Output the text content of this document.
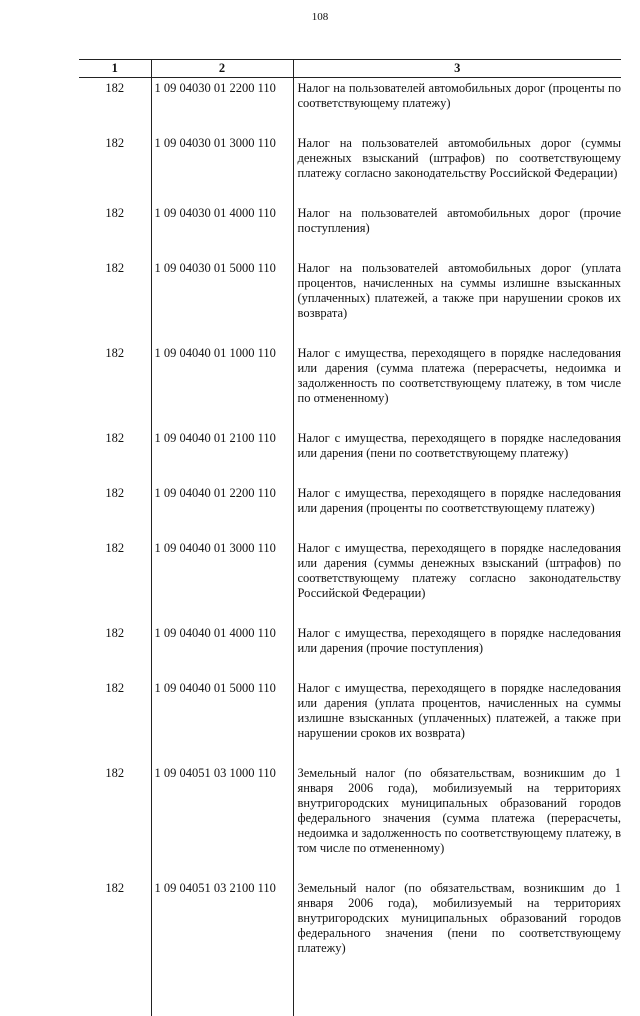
108
1	2	3
182	1 09 04030 01 2200 110	Налог на пользователей автомобильных дорог (проценты по соответствующему платежу)

182	1 09 04030 01 3000 110	Налог на пользователей автомобильных дорог (суммы денежных взысканий (штрафов) по соответствующему платежу согласно законодательству Российской Федерации)

182	1 09 04030 01 4000 110	Налог на пользователей автомобильных дорог (прочие поступления)

182	1 09 04030 01 5000 110	Налог на пользователей автомобильных дорог (уплата процентов, начисленных на суммы излишне взысканных (уплаченных) платежей, а также при нарушении сроков их возврата)

182	1 09 04040 01 1000 110	Налог с имущества, переходящего в порядке наследования или дарения (сумма платежа (перерасчеты, недоимка и задолженность по соответствующему платежу, в том числе по отмененному)

182	1 09 04040 01 2100 110	Налог с имущества, переходящего в порядке наследования или дарения (пени по соответствующему платежу)

182	1 09 04040 01 2200 110	Налог с имущества, переходящего в порядке наследования или дарения (проценты по соответствующему платежу)

182	1 09 04040 01 3000 110	Налог с имущества, переходящего в порядке наследования или дарения (суммы денежных взысканий (штрафов) по соответствующему платежу согласно законодательству Российской Федерации)

182	1 09 04040 01 4000 110	Налог с имущества, переходящего в порядке наследования или дарения (прочие поступления)

182	1 09 04040 01 5000 110	Налог с имущества, переходящего в порядке наследования или дарения (уплата процентов, начисленных на суммы излишне взысканных (уплаченных) платежей, а также при нарушении сроков их возврата)

182	1 09 04051 03 1000 110	Земельный налог (по обязательствам, возникшим до 1 января 2006 года), мобилизуемый на территориях внутригородских муниципальных образований городов федерального значения (сумма платежа (перерасчеты, недоимка и задолженность по соответствующему платежу, в том числе по отмененному)

182	1 09 04051 03 2100 110	Земельный налог (по обязательствам, возникшим до 1 января 2006 года), мобилизуемый на территориях внутригородских муниципальных образований городов федерального значения (пени по соответствующему платежу)
